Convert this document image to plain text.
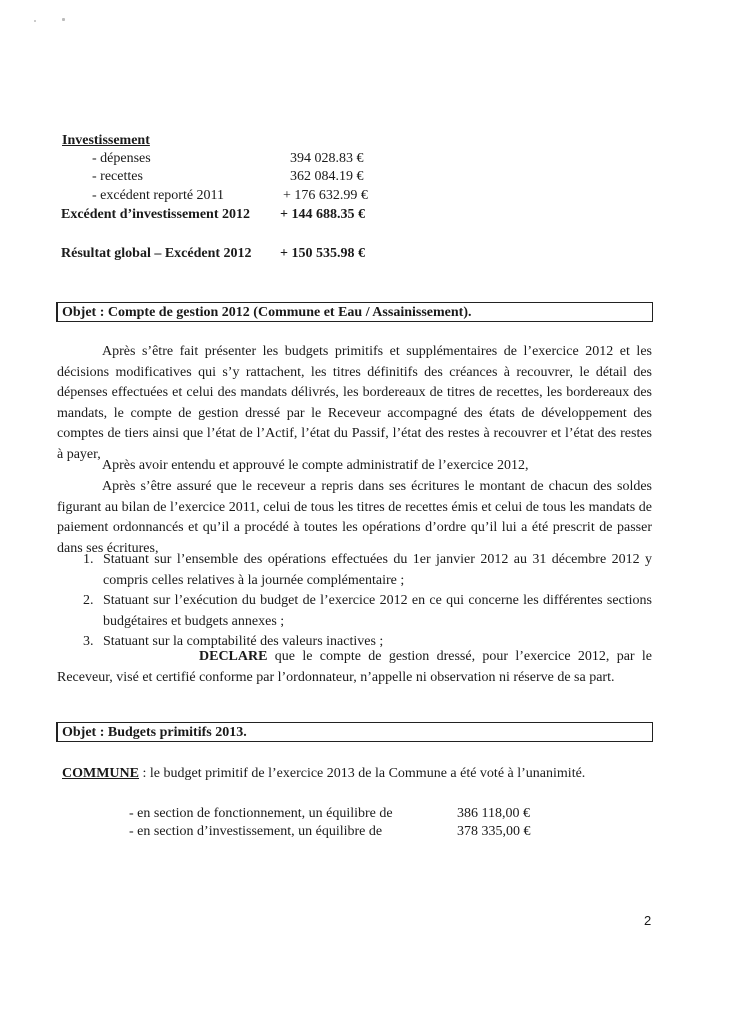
Investissement
- dépenses	394 028.83 €
- recettes	362 084.19 €
- excédent reporté 2011	+ 176 632.99 €
Excédent d’investissement 2012 + 144 688.35 €
Résultat global – Excédent 2012 + 150 535.98 €
Objet : Compte de gestion 2012 (Commune et Eau / Assainissement).

Après s’être fait présenter les budgets primitifs et supplémentaires de l’exercice 2012 et les décisions modificatives qui s’y rattachent, les titres définitifs des créances à recouvrer, le détail des dépenses effectuées et celui des mandats délivrés, les bordereaux de titres de recettes, les bordereaux des mandats, le compte de gestion dressé par le Receveur accompagné des états de développement des comptes de tiers ainsi que l’état de l’Actif, l’état du Passif, l’état des restes à recouvrer et l’état des restes à payer,

Après avoir entendu et approuvé le compte administratif de l’exercice 2012,

Après s’être assuré que le receveur a repris dans ses écritures le montant de chacun des soldes figurant au bilan de l’exercice 2011, celui de tous les titres de recettes émis et celui de tous les mandats de paiement ordonnancés et qu’il a procédé à toutes les opérations d’ordre qu’il lui a été prescrit de passer dans ses écritures,

1. Statuant sur l’ensemble des opérations effectuées du 1er janvier 2012 au 31 décembre 2012 y compris celles relatives à la journée complémentaire ;
2. Statuant sur l’exécution du budget de l’exercice 2012 en ce qui concerne les différentes sections budgétaires et budgets annexes ;
3. Statuant sur la comptabilité des valeurs inactives ;
DECLARE que le compte de gestion dressé, pour l’exercice 2012, par le Receveur, visé et certifié conforme par l’ordonnateur, n’appelle ni observation ni réserve de sa part.
Objet : Budgets primitifs 2013.
COMMUNE : le budget primitif de l’exercice 2013 de la Commune a été voté à l’unanimité.
- en section de fonctionnement, un équilibre de	386 118,00 €
- en section d’investissement, un équilibre de	378 335,00 €
2
